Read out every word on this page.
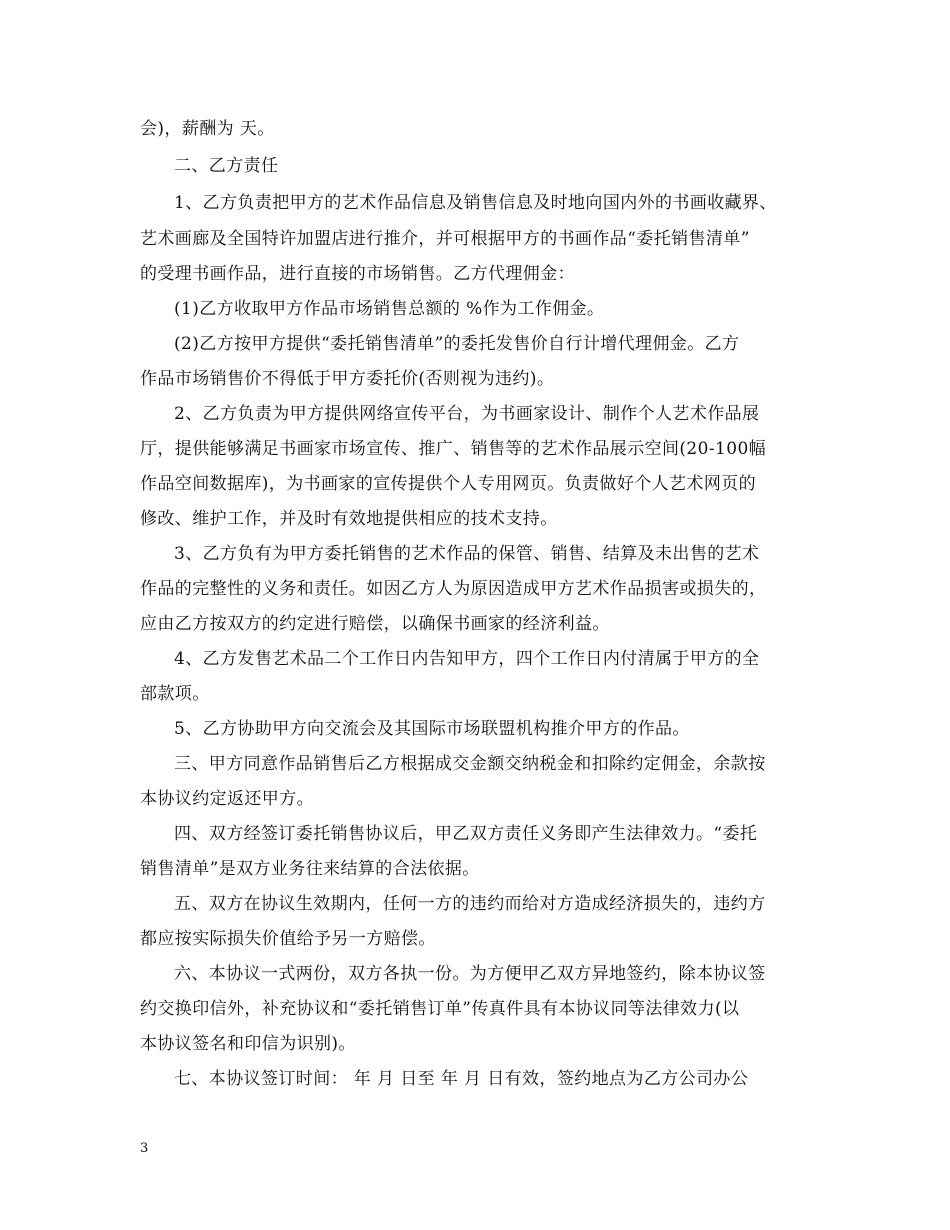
会)，薪酬为 天。
二、乙方责任
1、乙方负责把甲方的艺术作品信息及销售信息及时地向国内外的书画收藏界、
艺术画廊及全国特许加盟店进行推介，并可根据甲方的书画作品“委托销售清单”
的受理书画作品，进行直接的市场销售。乙方代理佣金：
(1)乙方收取甲方作品市场销售总额的 %作为工作佣金。
(2)乙方按甲方提供“委托销售清单”的委托发售价自行计增代理佣金。乙方
作品市场销售价不得低于甲方委托价(否则视为违约)。
2、乙方负责为甲方提供网络宣传平台，为书画家设计、制作个人艺术作品展
厅，提供能够满足书画家市场宣传、推广、销售等的艺术作品展示空间(20-100幅
作品空间数据库)，为书画家的宣传提供个人专用网页。负责做好个人艺术网页的
修改、维护工作，并及时有效地提供相应的技术支持。
3、乙方负有为甲方委托销售的艺术作品的保管、销售、结算及未出售的艺术
作品的完整性的义务和责任。如因乙方人为原因造成甲方艺术作品损害或损失的，
应由乙方按双方的约定进行赔偿，以确保书画家的经济利益。
4、乙方发售艺术品二个工作日内告知甲方，四个工作日内付清属于甲方的全
部款项。
5、乙方协助甲方向交流会及其国际市场联盟机构推介甲方的作品。
三、甲方同意作品销售后乙方根据成交金额交纳税金和扣除约定佣金，余款按
本协议约定返还甲方。
四、双方经签订委托销售协议后，甲乙双方责任义务即产生法律效力。“委托
销售清单”是双方业务往来结算的合法依据。
五、双方在协议生效期内，任何一方的违约而给对方造成经济损失的，违约方
都应按实际损失价值给予另一方赔偿。
六、本协议一式两份，双方各执一份。为方便甲乙双方异地签约，除本协议签
约交换印信外，补充协议和“委托销售订单”传真件具有本协议同等法律效力(以
本协议签名和印信为识别)。
七、本协议签订时间： 年 月 日至 年 月 日有效，签约地点为乙方公司办公
3
